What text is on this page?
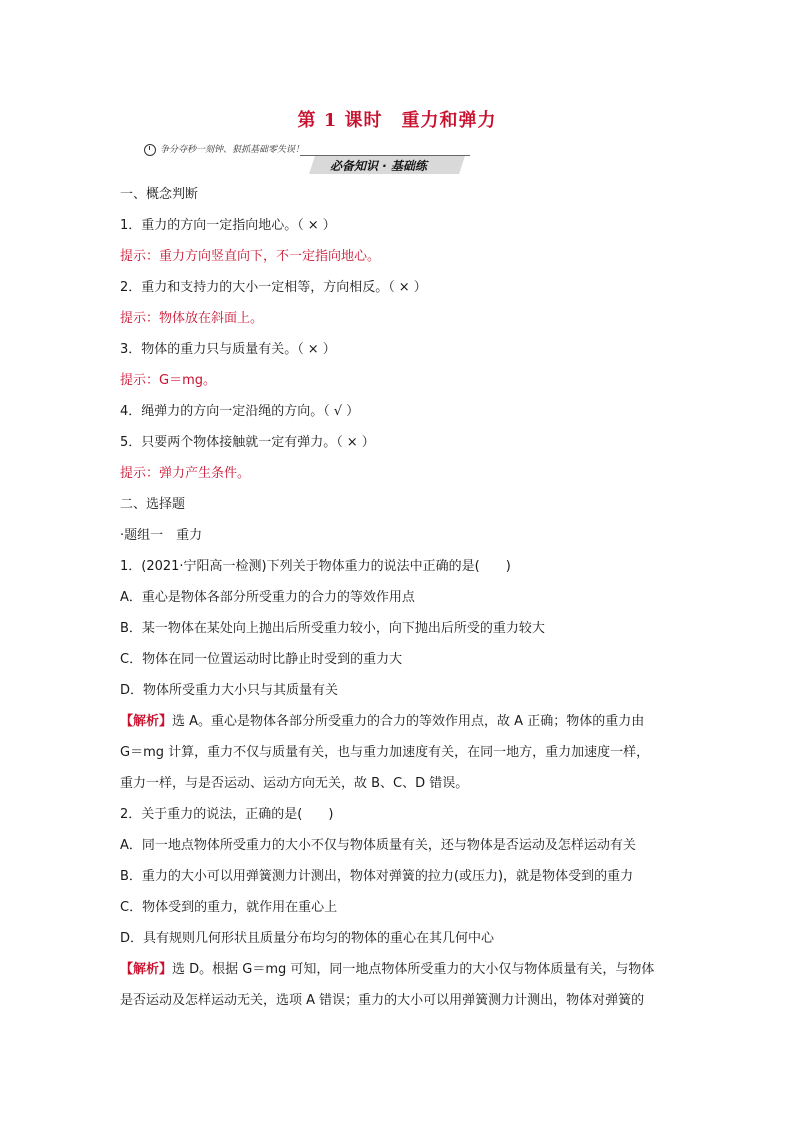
第 1 课时　重力和弹力
争分夺秒一刻钟、狠抓基础零失误！
必备知识 · 基础练
一、概念判断
1．重力的方向一定指向地心。（ × ）
提示：重力方向竖直向下，不一定指向地心。
2．重力和支持力的大小一定相等，方向相反。（ × ）
提示：物体放在斜面上。
3．物体的重力只与质量有关。（ × ）
提示：G＝mg。
4．绳弹力的方向一定沿绳的方向。（ √ ）
5．只要两个物体接触就一定有弹力。（ × ）
提示：弹力产生条件。
二、选择题
·题组一　重力
1．(2021·宁阳高一检测)下列关于物体重力的说法中正确的是(　　)
A．重心是物体各部分所受重力的合力的等效作用点
B．某一物体在某处向上抛出后所受重力较小，向下抛出后所受的重力较大
C．物体在同一位置运动时比静止时受到的重力大
D．物体所受重力大小只与其质量有关
【解析】选 A。重心是物体各部分所受重力的合力的等效作用点，故 A 正确；物体的重力由
G＝mg 计算，重力不仅与质量有关，也与重力加速度有关，在同一地方，重力加速度一样，
重力一样，与是否运动、运动方向无关，故 B、C、D 错误。
2．关于重力的说法，正确的是(　　)
A．同一地点物体所受重力的大小不仅与物体质量有关，还与物体是否运动及怎样运动有关
B．重力的大小可以用弹簧测力计测出，物体对弹簧的拉力(或压力)，就是物体受到的重力
C．物体受到的重力，就作用在重心上
D．具有规则几何形状且质量分布均匀的物体的重心在其几何中心
【解析】选 D。根据 G＝mg 可知，同一地点物体所受重力的大小仅与物体质量有关，与物体
是否运动及怎样运动无关，选项 A 错误；重力的大小可以用弹簧测力计测出，物体对弹簧的
